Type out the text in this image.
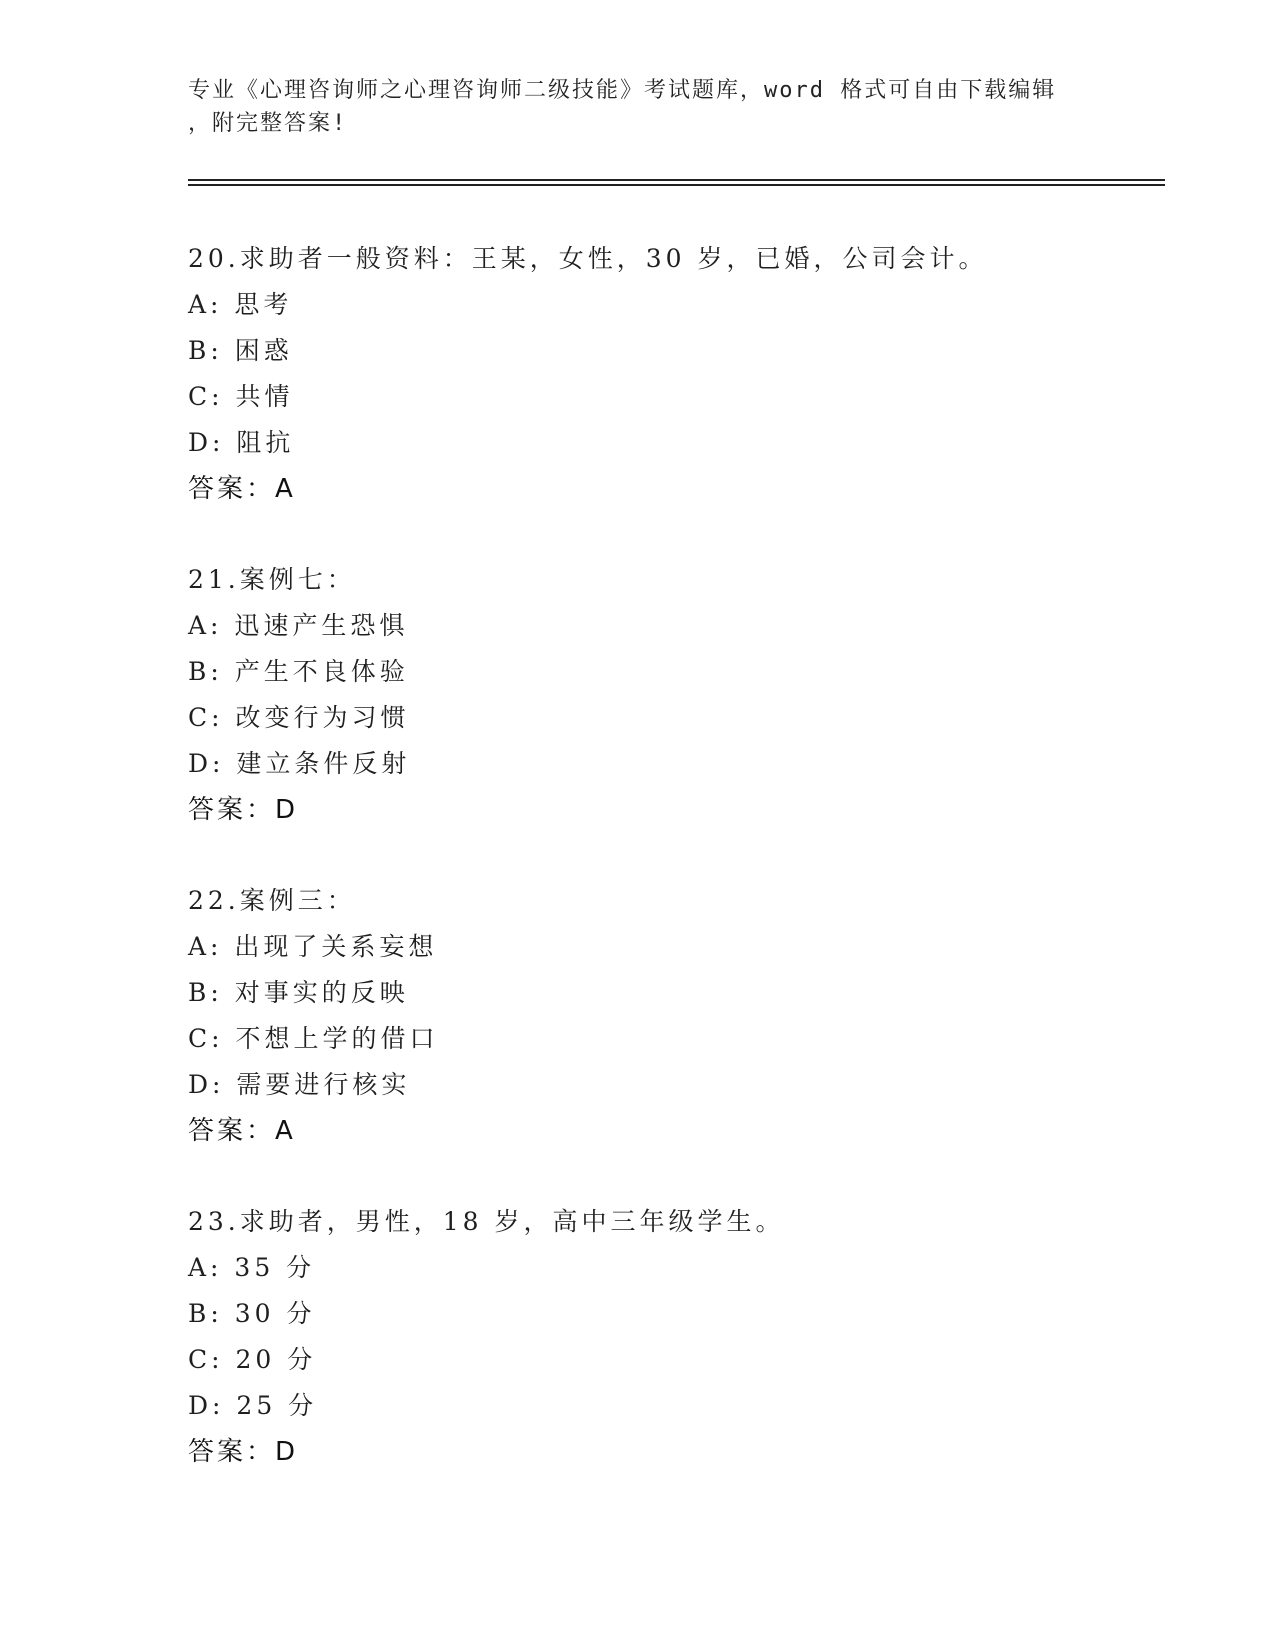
专业《心理咨询师之心理咨询师二级技能》考试题库，word 格式可自由下载编辑
，附完整答案!
20.求助者一般资料：王某，女性，30 岁，已婚，公司会计。
A: 思考
B: 困惑
C: 共情
D: 阻抗
答案：A
21.案例七：
A: 迅速产生恐惧
B: 产生不良体验
C: 改变行为习惯
D: 建立条件反射
答案：D
22.案例三：
A: 出现了关系妄想
B: 对事实的反映
C: 不想上学的借口
D: 需要进行核实
答案：A
23.求助者，男性，18 岁，高中三年级学生。
A: 35 分
B: 30 分
C: 20 分
D: 25 分
答案：D
